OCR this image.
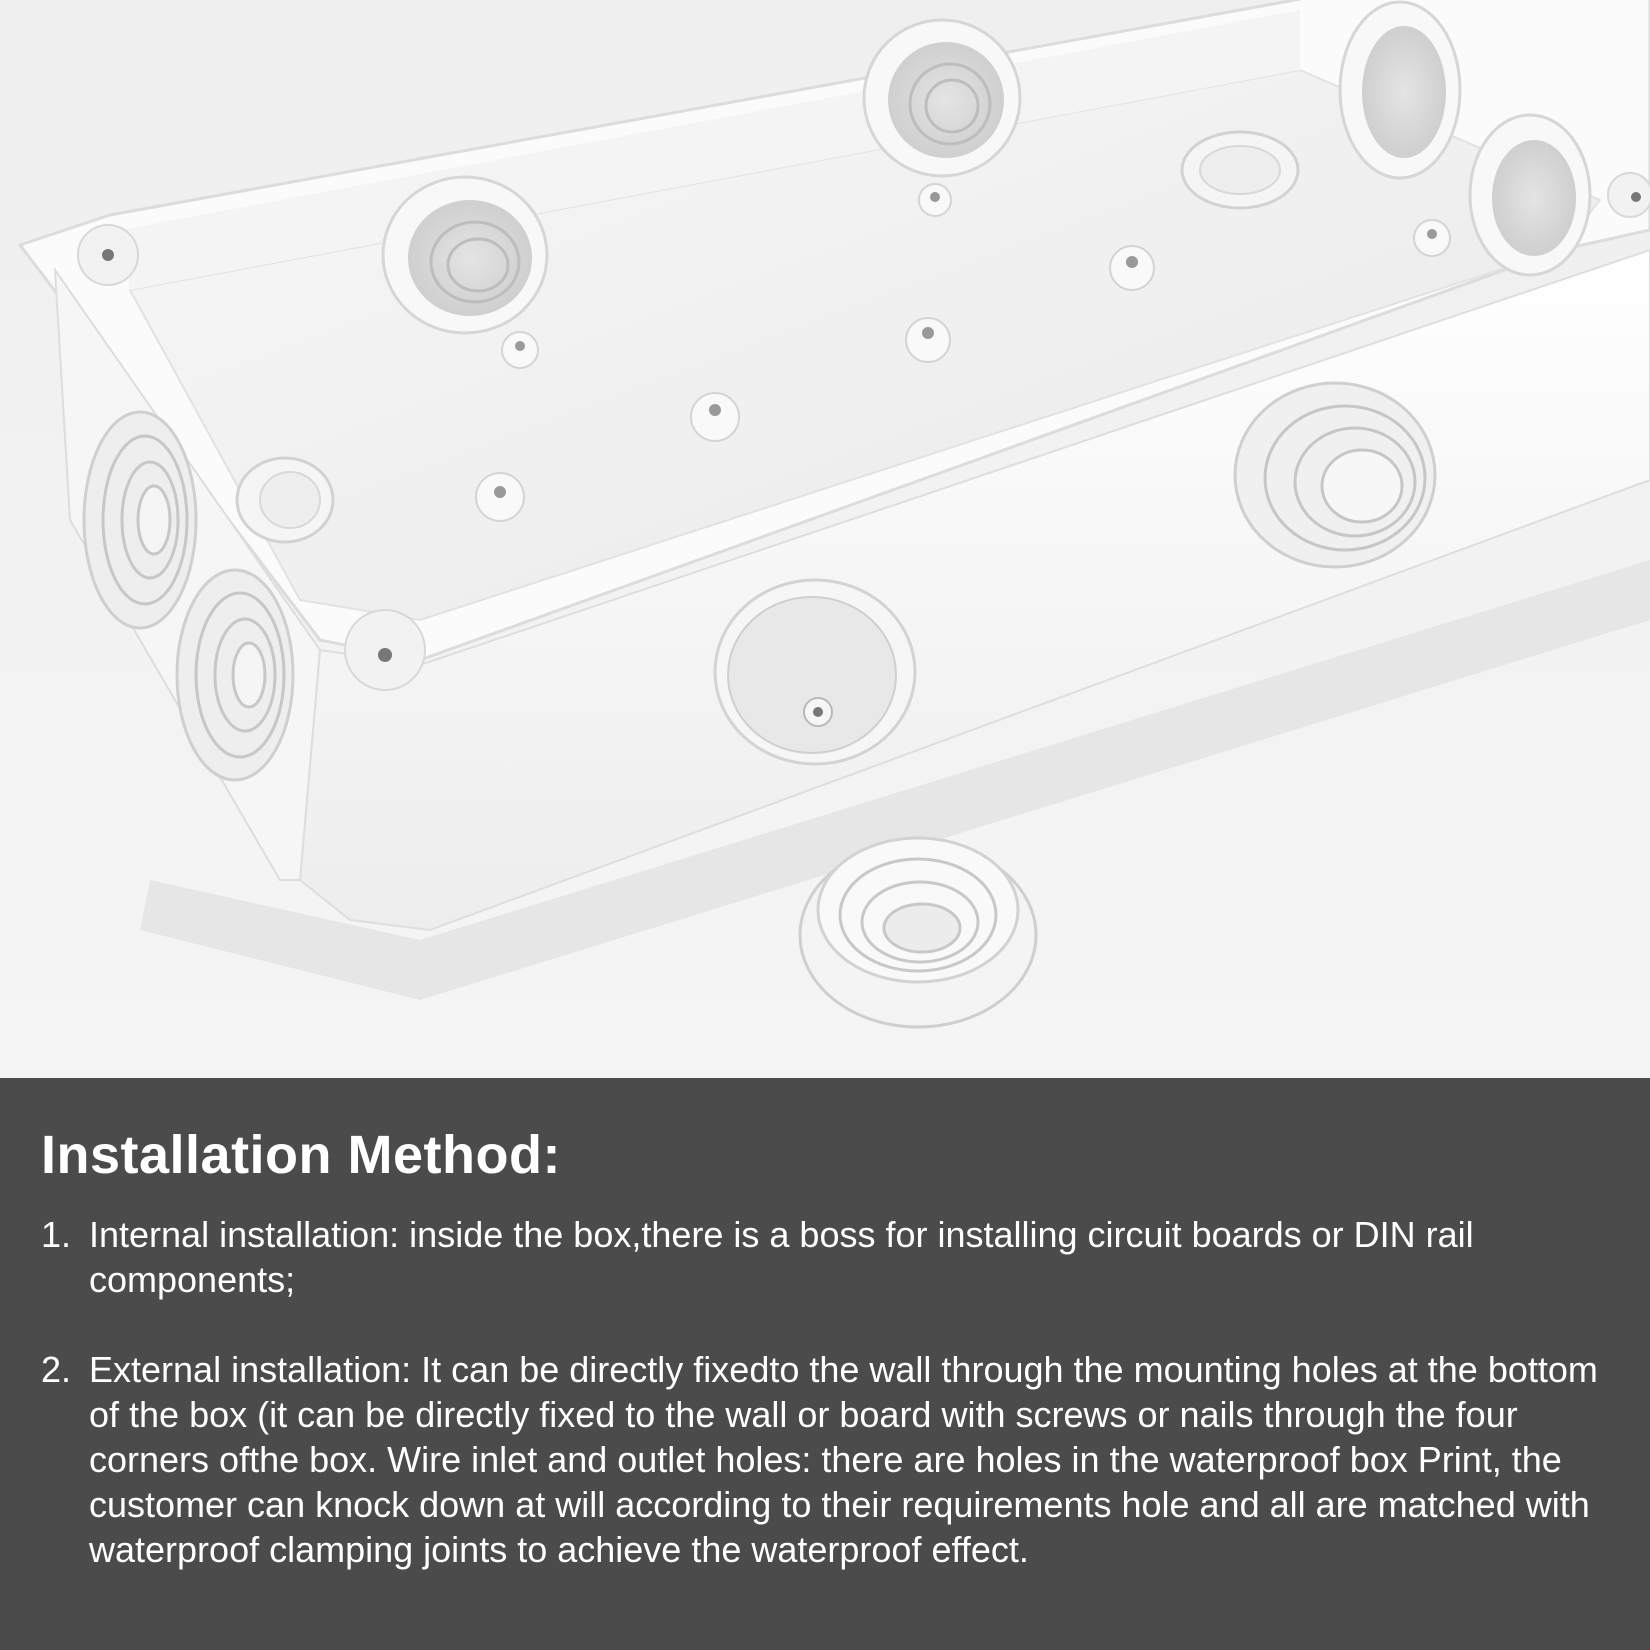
Installation Method:
1. Internal installation: inside the box,there is a boss for installing circuit boards or DIN rail components;
2. External installation: It can be directly fixedto the wall through the mounting holes at the bottom of the box (it can be directly fixed to the wall or board with screws or nails through the four corners ofthe box. Wire inlet and outlet holes: there are holes in the waterproof box Print, the customer can knock down at will according to their requirements hole and all are matched with waterproof clamping joints to achieve the waterproof effect.
